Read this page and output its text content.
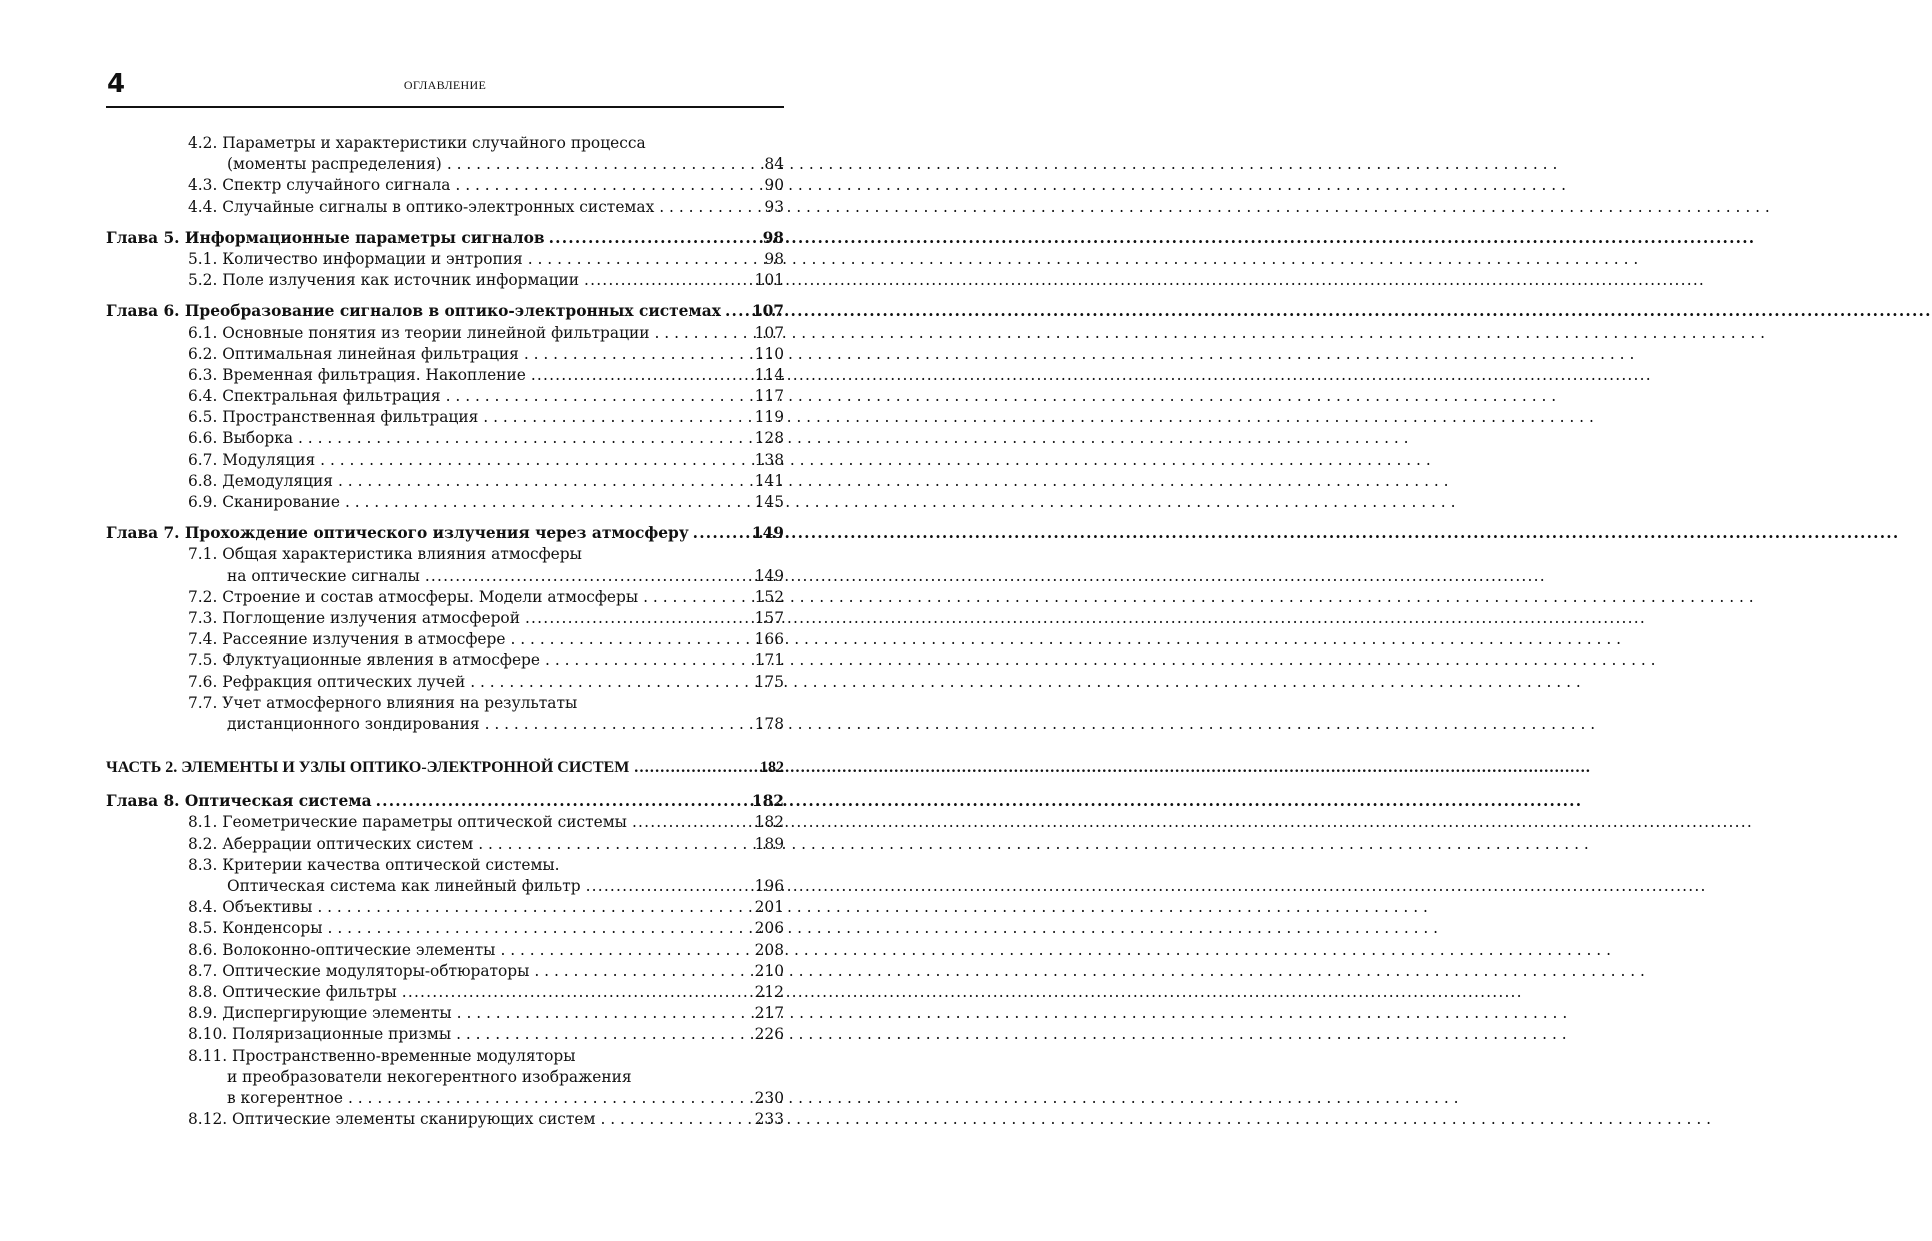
4	ОГЛАВЛЕНИЕ
4.2. Параметры и характеристики случайного процесса
(моменты распределения) . . .	84
4.3. Спектр случайного сигнала . . .	90
4.4. Случайные сигналы в оптико-электронных системах . . .	93
Глава 5. Информационные параметры сигналов .....	98
5.1. Количество информации и энтропия . . .	98
5.2. Поле излучения как источник информации .....	101
Глава 6. Преобразование сигналов в оптико-электронных системах ..... 107
6.1. Основные понятия из теории линейной фильтрации . . .	107
6.2. Оптимальная линейная фильтрация . . .	110
6.3. Временная фильтрация. Накопление .....	114
6.4. Спектральная фильтрация . . .	117
6.5. Пространственная фильтрация . . .	119
6.6. Выборка . . .	128
6.7. Модуляция . . .	138
6.8. Демодуляция . . .	141
6.9. Сканирование . . .	145
Глава 7. Прохождение оптического излучения через атмосферу .....	149
7.1. Общая характеристика влияния атмосферы
на оптические сигналы .....	149
7.2. Строение и состав атмосферы. Модели атмосферы . . .	152
7.3. Поглощение излучения атмосферой .....	157
7.4. Рассеяние излучения в атмосфере . . .	166
7.5. Флуктуационные явления в атмосфере . . .	171
7.6. Рефракция оптических лучей . . .	175
7.7. Учет атмосферного влияния на результаты
дистанционного зондирования . . .	178
ЧАСТЬ 2. ЭЛЕМЕНТЫ И УЗЛЫ ОПТИКО-ЭЛЕКТРОННОЙ СИСТЕМ .....	182
Глава 8. Оптическая система .....	182
8.1. Геометрические параметры оптической системы .....	182
8.2. Аберрации оптических систем . . .	189
8.3. Критерии качества оптической системы.
Оптическая система как линейный фильтр .....	196
8.4. Объективы . . .	201
8.5. Конденсоры . . .	206
8.6. Волоконно-оптические элементы . . .	208
8.7. Оптические модуляторы-обтюраторы . . .	210
8.8. Оптические фильтры .....	212
8.9. Диспергирующие элементы . . .	217
8.10. Поляризационные призмы . . .	226
8.11. Пространственно-временные модуляторы
и преобразователи некогерентного изображения
в когерентное . . .	230
8.12. Оптические элементы сканирующих систем . . .	233
